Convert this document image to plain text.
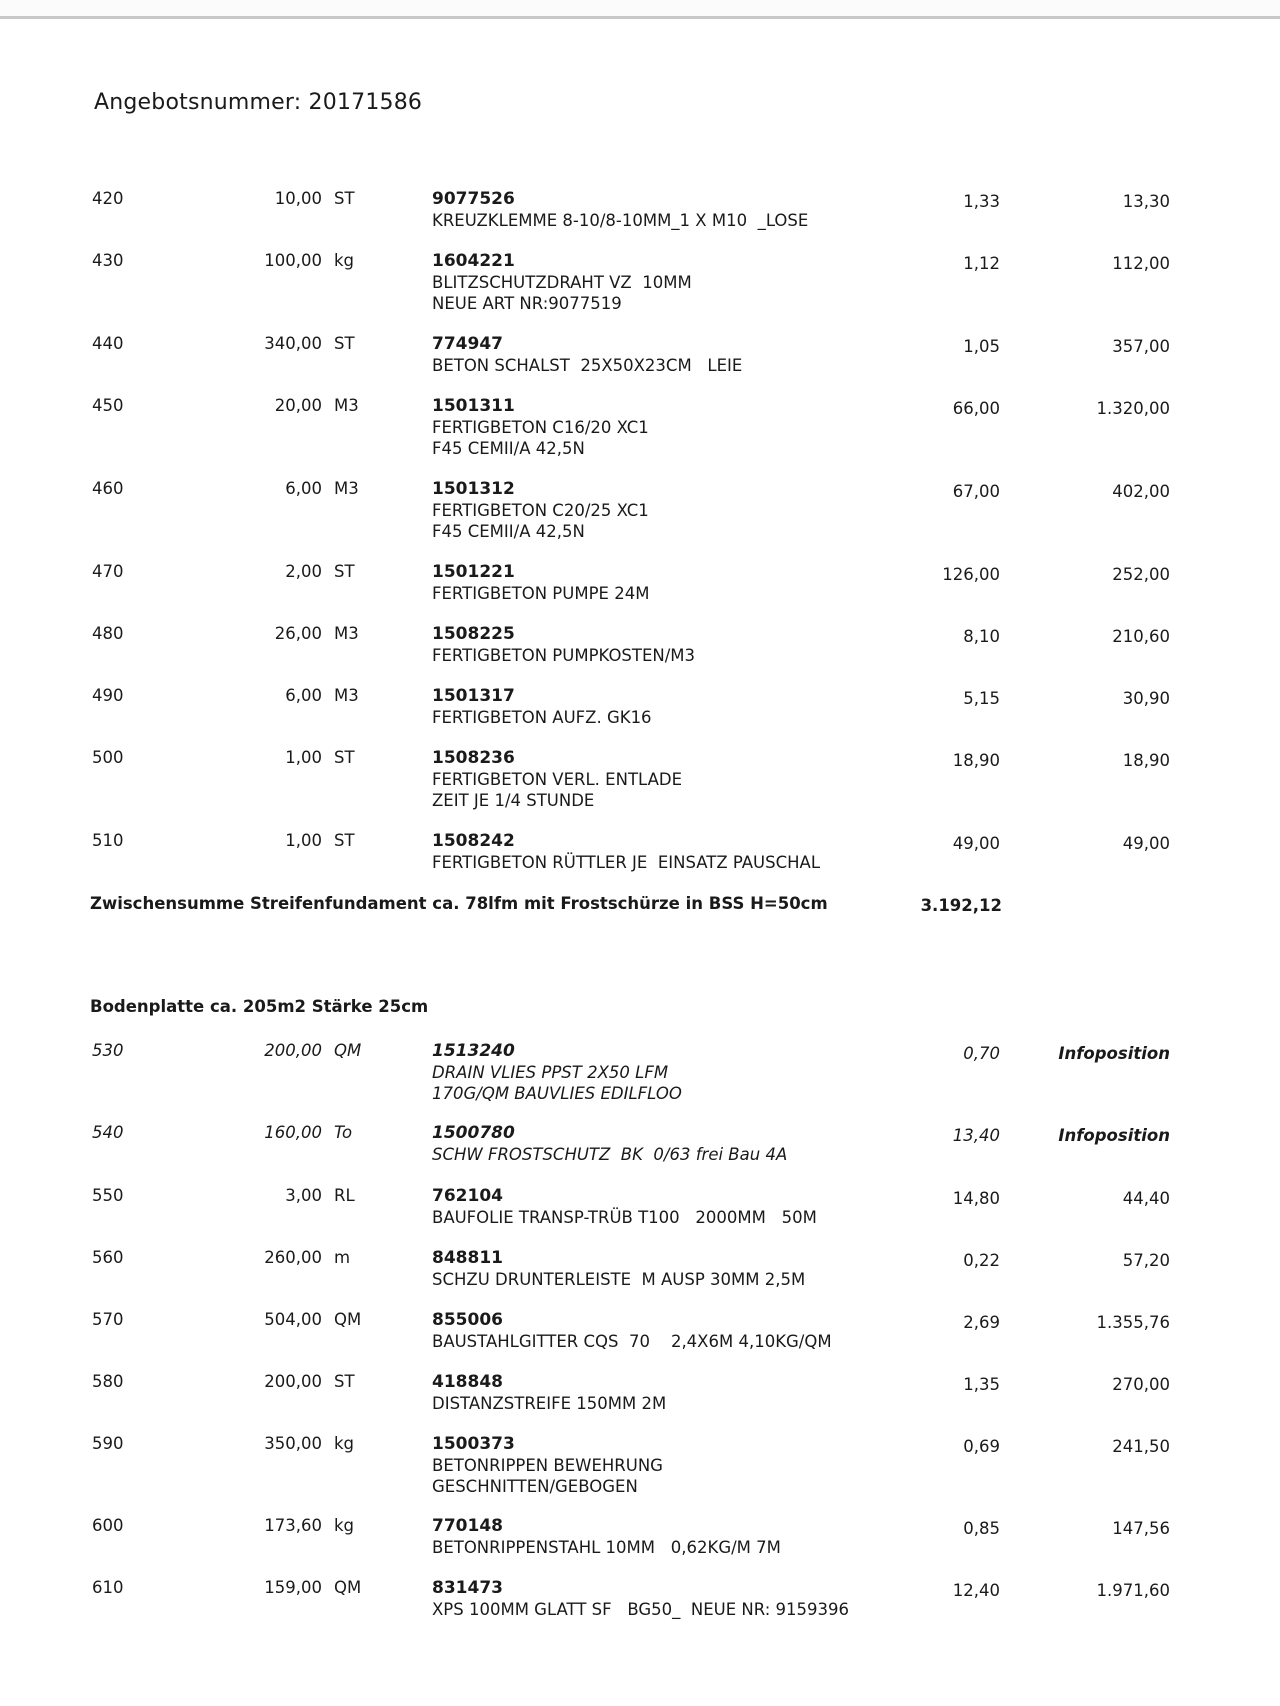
Angebotsnummer: 20171586
420	10,00 ST	9077526
KREUZKLEMME 8-10/8-10MM_1 X M10  _LOSE
1,33	13,30
430	100,00 kg	1604221
BLITZSCHUTZDRAHT VZ  10MM
NEUE ART NR:9077519
1,12	112,00
440	340,00 ST	774947
BETON SCHALST  25X50X23CM   LEIE
1,05	357,00
450	20,00 M3	1501311
FERTIGBETON C16/20 XC1
F45 CEMII/A 42,5N
66,00	1.320,00
460	6,00 M3	1501312
FERTIGBETON C20/25 XC1
F45 CEMII/A 42,5N
67,00	402,00
470	2,00 ST	1501221
FERTIGBETON PUMPE 24M
126,00	252,00
480	26,00 M3	1508225
FERTIGBETON PUMPKOSTEN/M3
8,10	210,60
490	6,00 M3	1501317
FERTIGBETON AUFZ. GK16
5,15	30,90
500	1,00 ST	1508236
FERTIGBETON VERL. ENTLADE
ZEIT JE 1/4 STUNDE
18,90	18,90
510	1,00 ST	1508242
FERTIGBETON RÜTTLER JE  EINSATZ PAUSCHAL
49,00	49,00
Zwischensumme Streifenfundament ca. 78lfm mit Frostschürze in BSS H=50cm	3.192,12
Bodenplatte ca. 205m2 Stärke 25cm
530	200,00 QM	1513240
DRAIN VLIES PPST 2X50 LFM
170G/QM BAUVLIES EDILFLOO
0,70	Infoposition
540	160,00 To	1500780
SCHW FROSTSCHUTZ  BK  0/63 frei Bau 4A
13,40	Infoposition
550	3,00 RL	762104
BAUFOLIE TRANSP-TRÜB T100   2000MM   50M
14,80	44,40
560	260,00 m	848811
SCHZU DRUNTERLEISTE  M AUSP 30MM 2,5M
0,22	57,20
570	504,00 QM	855006
BAUSTAHLGITTER CQS  70    2,4X6M 4,10KG/QM
2,69	1.355,76
580	200,00 ST	418848
DISTANZSTREIFE 150MM 2M
1,35	270,00
590	350,00 kg	1500373
BETONRIPPEN BEWEHRUNG
GESCHNITTEN/GEBOGEN
0,69	241,50
600	173,60 kg	770148
BETONRIPPENSTAHL 10MM   0,62KG/M 7M
0,85	147,56
610	159,00 QM	831473
XPS 100MM GLATT SF   BG50_  NEUE NR: 9159396
12,40	1.971,60
